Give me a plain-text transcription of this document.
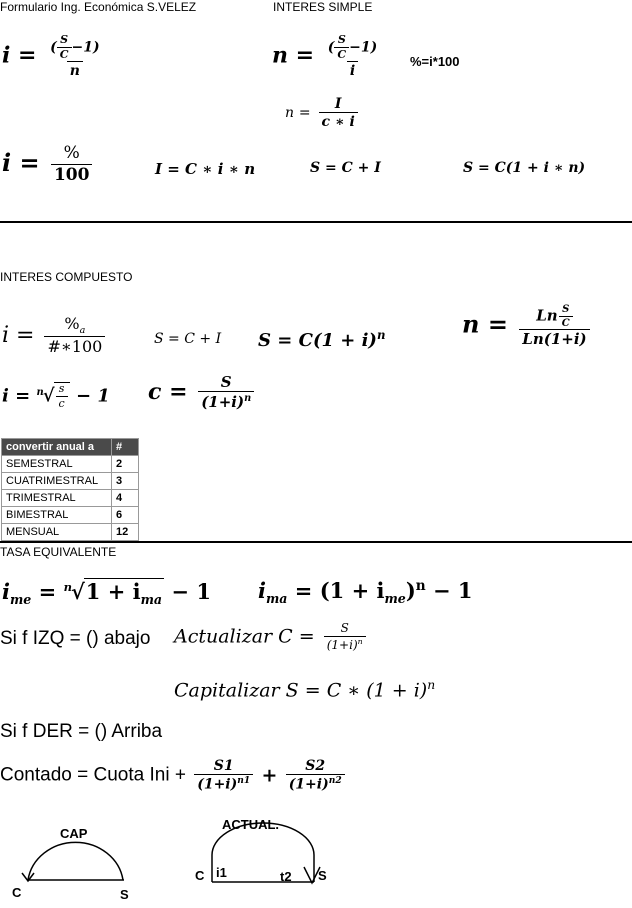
Formulario Ing. Económica S.VELEZ	INTERES SIMPLE
$i = \frac{( \frac{S}{C} -1)}{n}$	$n = \frac{( \frac{S}{C} -1)}{i} \%=i*100$
$n = \frac{I}{c ∗ i}$
$i = \frac{\%}{100}$	I = C ∗ i ∗ n	S = C + I	S = C(1 + i ∗ n)
INTERES COMPUESTO
$i = \frac{\%_a}{\#∗100}$	S = C + I $S = C(1 + i)^n$	$n = \frac{Ln \frac{S}{C}}{Ln(1+i)}$
$i = ^n√ \frac{s}{c} - 1$ $c = \frac{S}{(1+i)^n}$
convertir anual a	#
SEMESTRAL	2
CUATRIMESTRAL	3
TRIMESTRAL	4
BIMESTRAL	6
MENSUAL	12
TASA EQUIVALENTE
$i_{me} = ^n√1 + i_{ma} - 1$ $i_{ma} = (1 + i_{me})^n - 1$
Si f IZQ = () abajo Actualizar $C = \frac{S}{(1+i)^n}$
Capitalizar S = C ∗ $(1 + i)^n$
Si f DER = () Arriba
Contado = Cuota Ini + $\frac{S1}{(1+i)^{n1}} + \frac{S2}{(1+i)^{n2}}$
CAP
C	S
ACTUAL.
C i1	t2 S
